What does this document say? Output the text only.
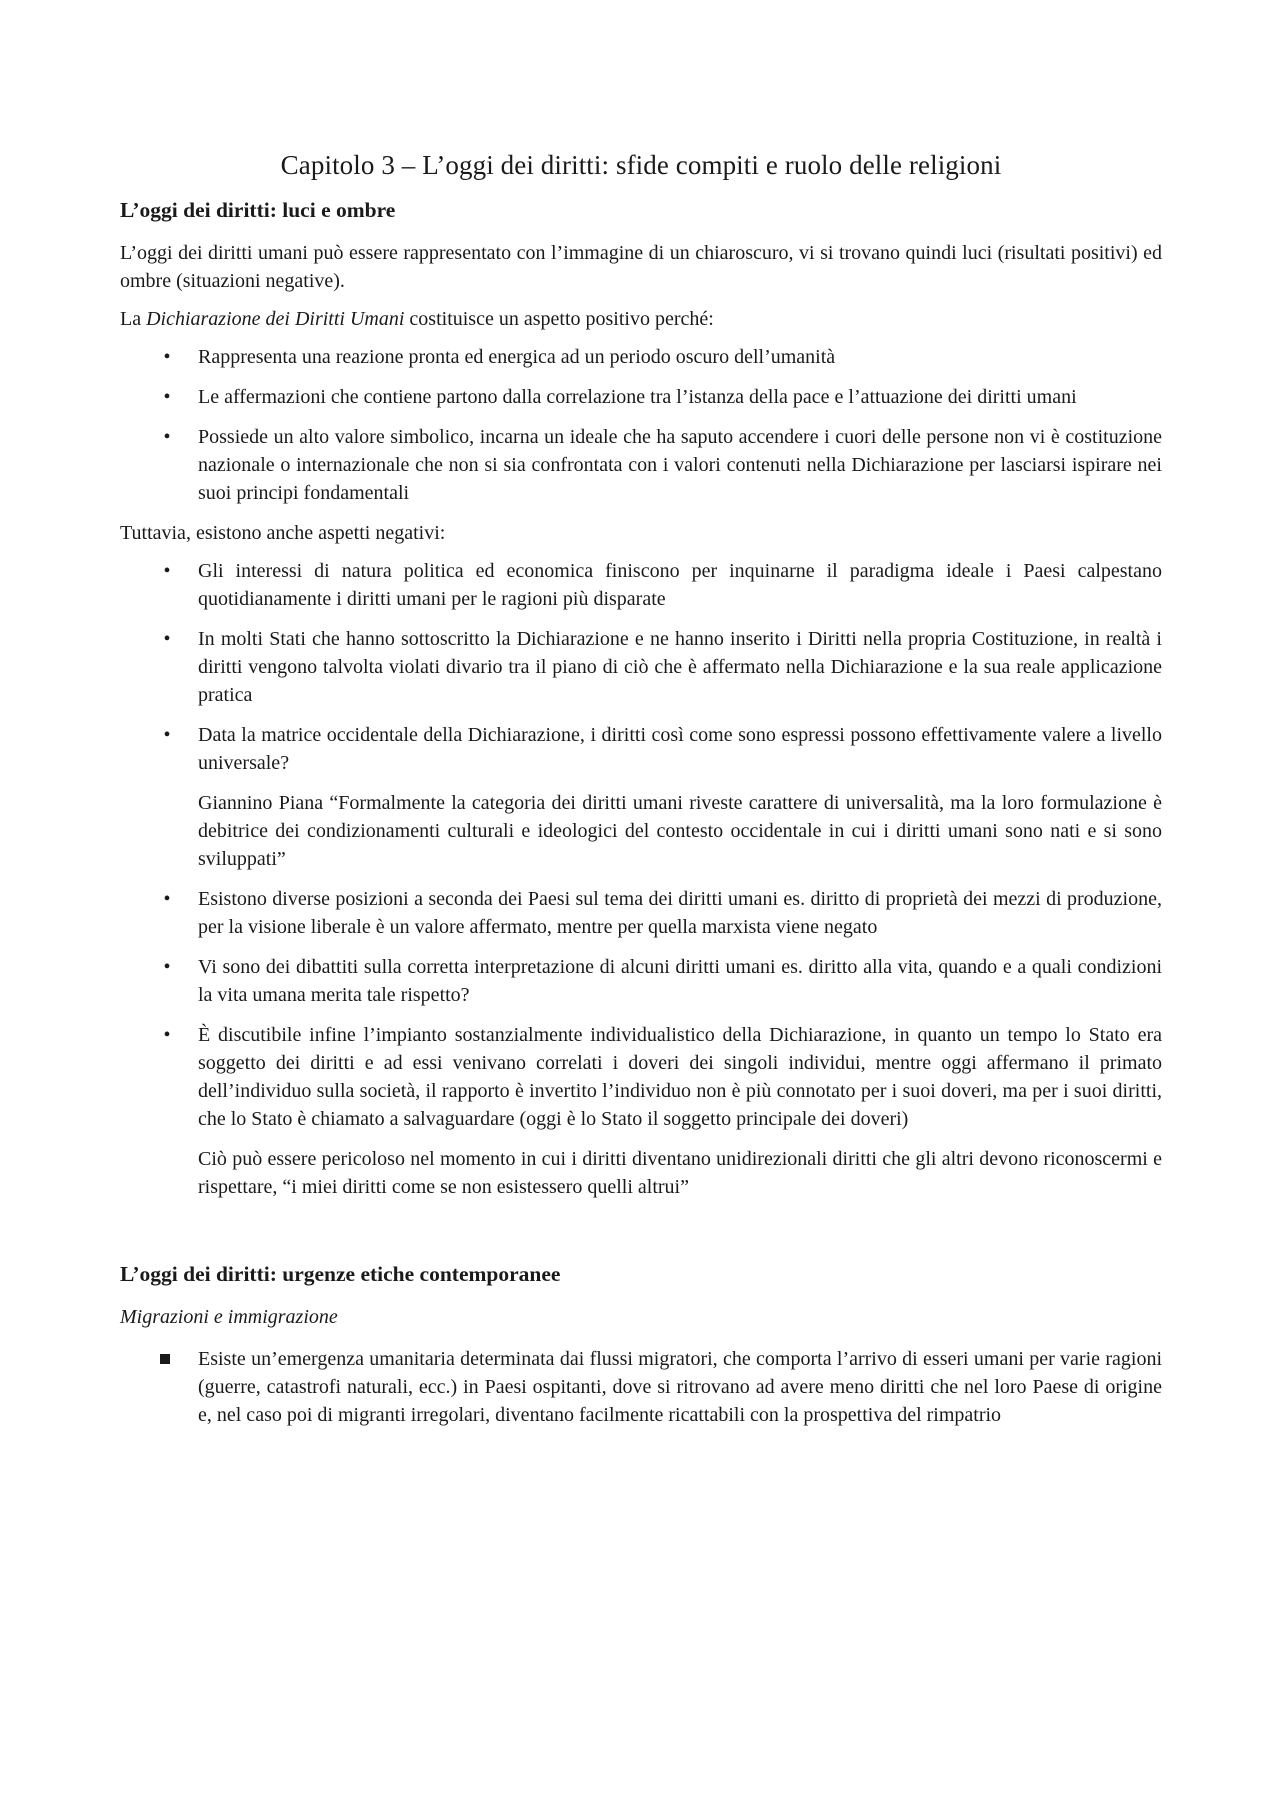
Capitolo 3 – L’oggi dei diritti: sfide compiti e ruolo delle religioni
L’oggi dei diritti: luci e ombre

L’oggi dei diritti umani può essere rappresentato con l’immagine di un chiaroscuro, vi si trovano quindi luci (risultati positivi) ed ombre (situazioni negative).

La Dichiarazione dei Diritti Umani costituisce un aspetto positivo perché:

• Rappresenta una reazione pronta ed energica ad un periodo oscuro dell’umanità
• Le affermazioni che contiene partono dalla correlazione tra l’istanza della pace e l’attuazione dei diritti umani
• Possiede un alto valore simbolico, incarna un ideale che ha saputo accendere i cuori delle persone non vi è costituzione nazionale o internazionale che non si sia confrontata con i valori contenuti nella Dichiarazione per lasciarsi ispirare nei suoi principi fondamentali

Tuttavia, esistono anche aspetti negativi:

• Gli interessi di natura politica ed economica finiscono per inquinarne il paradigma ideale i Paesi calpestano quotidianamente i diritti umani per le ragioni più disparate
• In molti Stati che hanno sottoscritto la Dichiarazione e ne hanno inserito i Diritti nella propria Costituzione, in realtà i diritti vengono talvolta violati divario tra il piano di ciò che è affermato nella Dichiarazione e la sua reale applicazione pratica
• Data la matrice occidentale della Dichiarazione, i diritti così come sono espressi possono effettivamente valere a livello universale?

Giannino Piana “Formalmente la categoria dei diritti umani riveste carattere di universalità, ma la loro formulazione è debitrice dei condizionamenti culturali e ideologici del contesto occidentale in cui i diritti umani sono nati e si sono sviluppati”

• Esistono diverse posizioni a seconda dei Paesi sul tema dei diritti umani es. diritto di proprietà dei mezzi di produzione, per la visione liberale è un valore affermato, mentre per quella marxista viene negato
• Vi sono dei dibattiti sulla corretta interpretazione di alcuni diritti umani es. diritto alla vita, quando e a quali condizioni la vita umana merita tale rispetto?
• È discutibile infine l’impianto sostanzialmente individualistico della Dichiarazione, in quanto un tempo lo Stato era soggetto dei diritti e ad essi venivano correlati i doveri dei singoli individui, mentre oggi affermano il primato dell’individuo sulla società, il rapporto è invertito l’individuo non è più connotato per i suoi doveri, ma per i suoi diritti, che lo Stato è chiamato a salvaguardare (oggi è lo Stato il soggetto principale dei doveri)

Ciò può essere pericoloso nel momento in cui i diritti diventano unidirezionali diritti che gli altri devono riconoscermi e rispettare, “i miei diritti come se non esistessero quelli altrui”

L’oggi dei diritti: urgenze etiche contemporanee

Migrazioni e immigrazione

Esiste un’emergenza umanitaria determinata dai flussi migratori, che comporta l’arrivo di esseri umani per varie ragioni (guerre, catastrofi naturali, ecc.) in Paesi ospitanti, dove si ritrovano ad avere meno diritti che nel loro Paese di origine e, nel caso poi di migranti irregolari, diventano facilmente ricattabili con la prospettiva del rimpatrio
